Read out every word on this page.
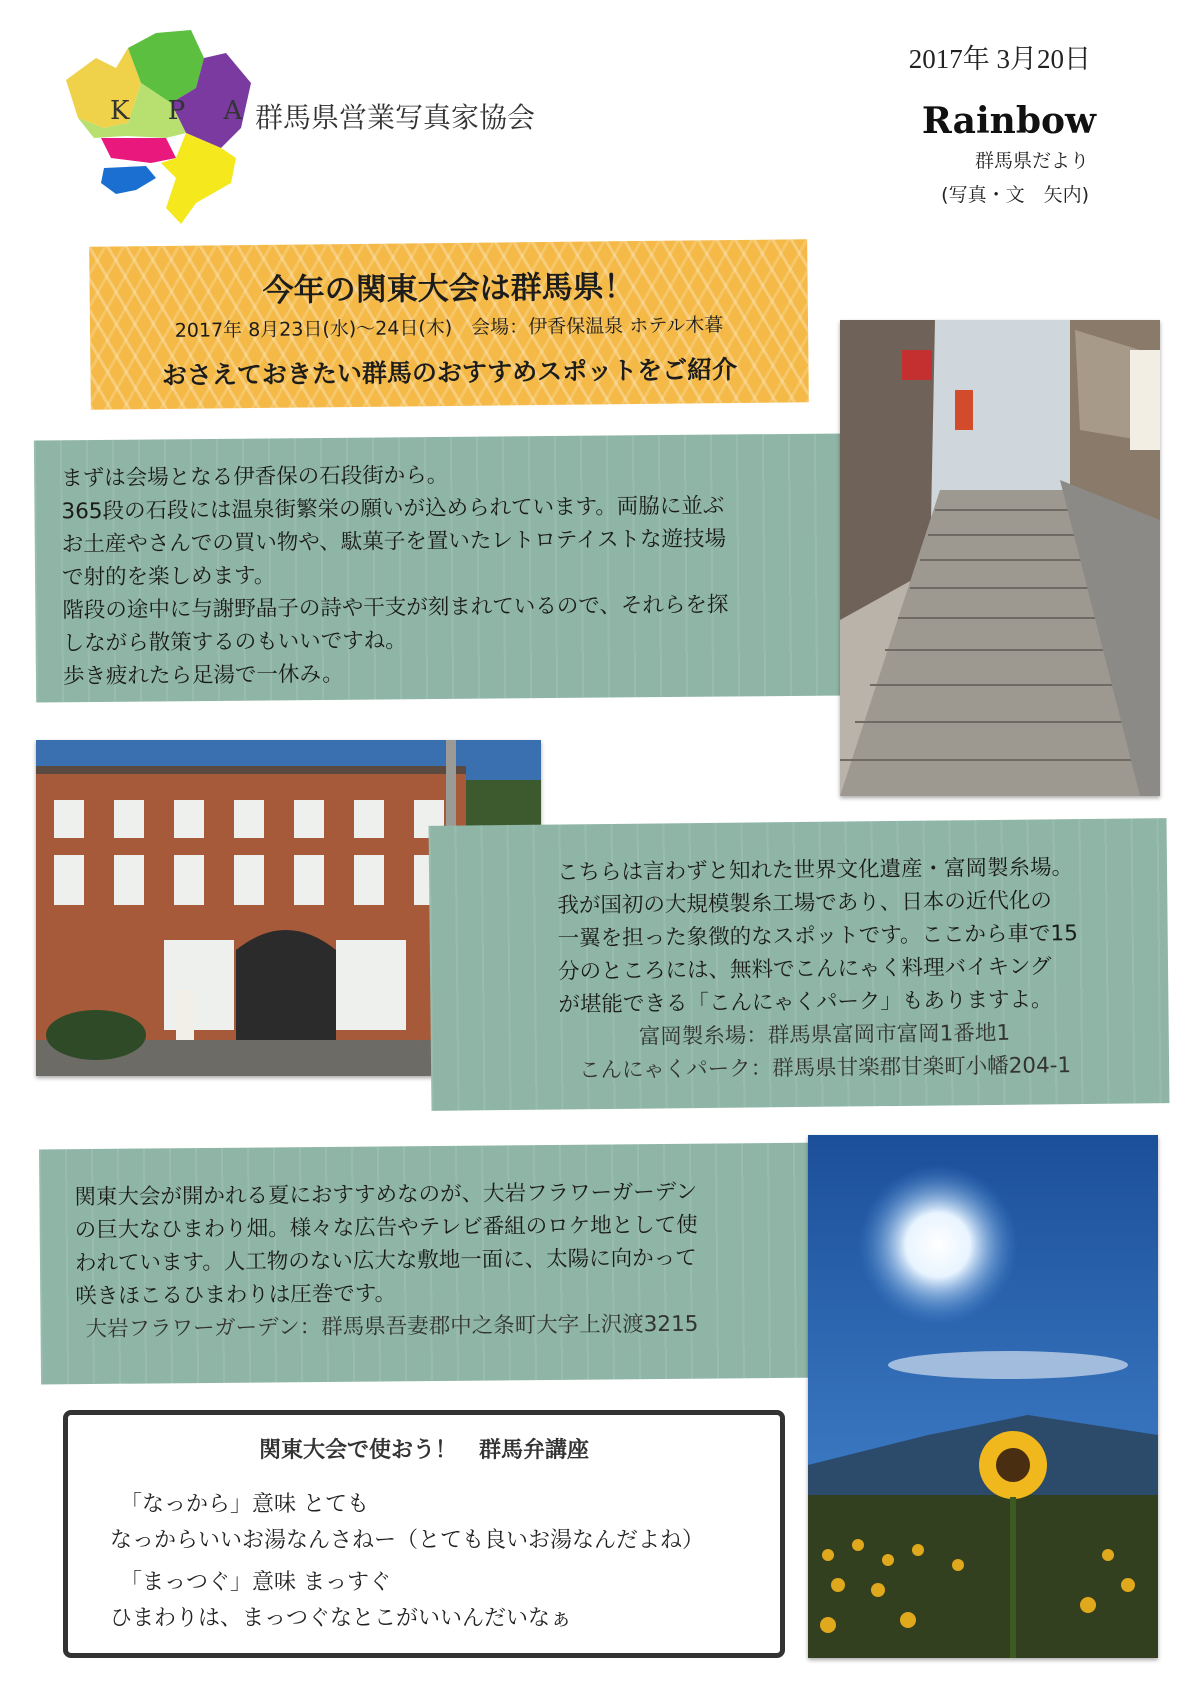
K P A
群馬県営業写真家協会
2017年 3月20日
Rainbow
群馬県だより
(写真・文　矢内)
今年の関東大会は群馬県！
2017年 8月23日(水)～24日(木)　会場：伊香保温泉 ホテル木暮
おさえておきたい群馬のおすすめスポットをご紹介
まずは会場となる伊香保の石段街から。
365段の石段には温泉街繁栄の願いが込められています。両脇に並ぶ
お土産やさんでの買い物や、駄菓子を置いたレトロテイストな遊技場
で射的を楽しめます。
階段の途中に与謝野晶子の詩や干支が刻まれているので、それらを探
しながら散策するのもいいですね。
歩き疲れたら足湯で一休み。
こちらは言わずと知れた世界文化遺産・富岡製糸場。
我が国初の大規模製糸工場であり、日本の近代化の
一翼を担った象徴的なスポットです。ここから車で15
分のところには、無料でこんにゃく料理バイキング
が堪能できる「こんにゃくパーク」もありますよ。
富岡製糸場：群馬県富岡市富岡1番地1
こんにゃくパーク：群馬県甘楽郡甘楽町小幡204-1
関東大会が開かれる夏におすすめなのが、大岩フラワーガーデン
の巨大なひまわり畑。様々な広告やテレビ番組のロケ地として使
われています。人工物のない広大な敷地一面に、太陽に向かって
咲きほこるひまわりは圧巻です。
大岩フラワーガーデン：群馬県吾妻郡中之条町大字上沢渡3215
関東大会で使おう！　群馬弁講座
「なっから」意味 とても
なっからいいお湯なんさねー（とても良いお湯なんだよね）
「まっつぐ」意味 まっすぐ
ひまわりは、まっつぐなとこがいいんだいなぁ
